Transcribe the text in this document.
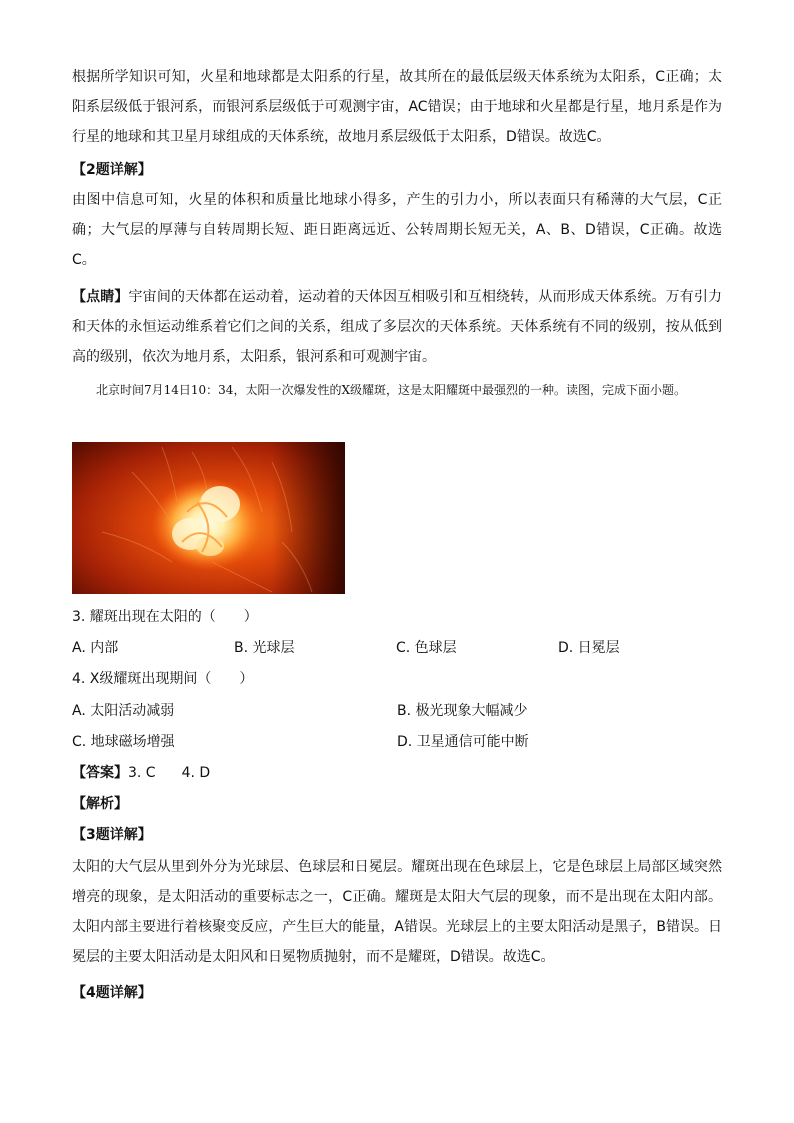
根据所学知识可知，火星和地球都是太阳系的行星，故其所在的最低层级天体系统为太阳系，C正确；太阳系层级低于银河系，而银河系层级低于可观测宇宙，AC错误；由于地球和火星都是行星，地月系是作为行星的地球和其卫星月球组成的天体系统，故地月系层级低于太阳系，D错误。故选C。

【2题详解】

由图中信息可知，火星的体积和质量比地球小得多，产生的引力小，所以表面只有稀薄的大气层，C正确；大气层的厚薄与自转周期长短、距日距离远近、公转周期长短无关，A、B、D错误，C正确。故选C。

【点睛】宇宙间的天体都在运动着，运动着的天体因互相吸引和互相绕转，从而形成天体系统。万有引力和天体的永恒运动维系着它们之间的关系，组成了多层次的天体系统。天体系统有不同的级别，按从低到高的级别，依次为地月系，太阳系，银河系和可观测宇宙。

北京时间7月14日10：34，太阳一次爆发性的X级耀斑，这是太阳耀斑中最强烈的一种。读图，完成下面小题。

3. 耀斑出现在太阳的（　　）

A. 内部	B. 光球层	C. 色球层	D. 日冕层

4. X级耀斑出现期间（　　）

A. 太阳活动减弱	B. 极光现象大幅减少
C. 地球磁场增强	D. 卫星通信可能中断
【答案】3. C 4. D

【解析】

【3题详解】

太阳的大气层从里到外分为光球层、色球层和日冕层。耀斑出现在色球层上，它是色球层上局部区域突然增亮的现象，是太阳活动的重要标志之一，C正确。耀斑是太阳大气层的现象，而不是出现在太阳内部。太阳内部主要进行着核聚变反应，产生巨大的能量，A错误。光球层上的主要太阳活动是黑子，B错误。日冕层的主要太阳活动是太阳风和日冕物质抛射，而不是耀斑，D错误。故选C。

【4题详解】
